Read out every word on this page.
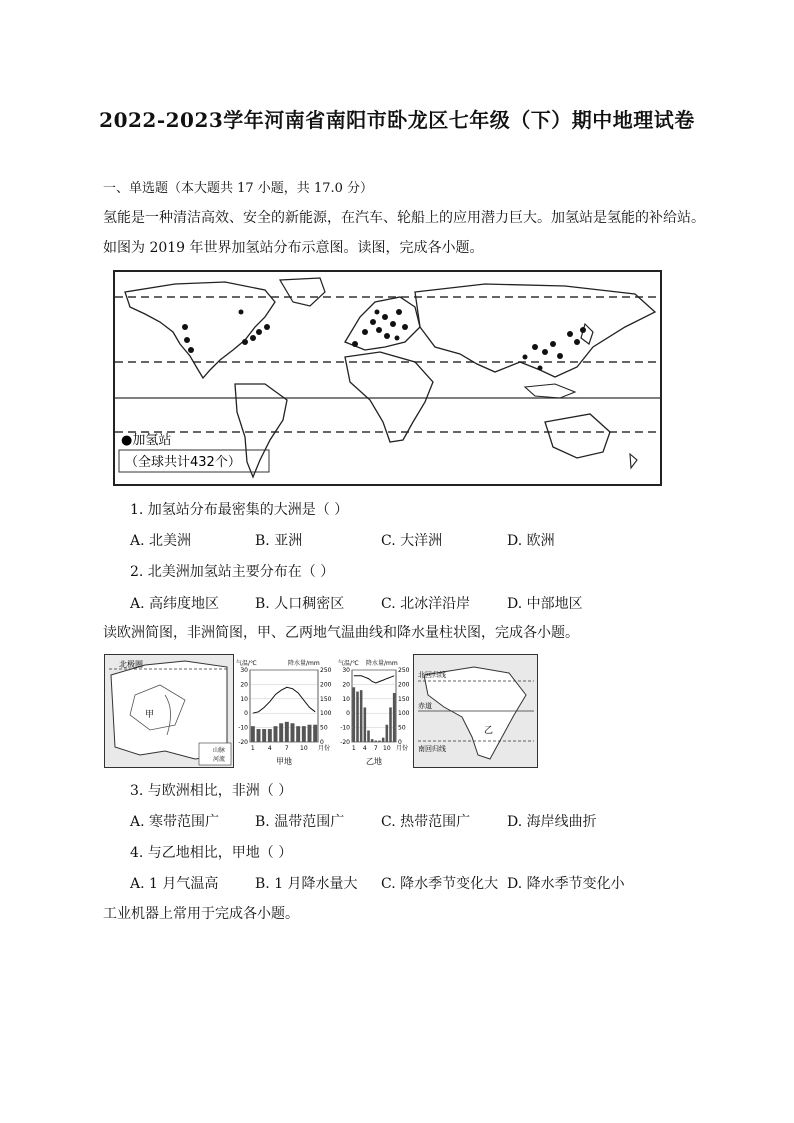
2022-2023学年河南省南阳市卧龙区七年级（下）期中地理试卷
一、单选题（本大题共 17 小题，共 17.0 分）
氢能是一种清洁高效、安全的新能源，在汽车、轮船上的应用潜力巨大。加氢站是氢能的补给站。
如图为 2019 年世界加氢站分布示意图。读图，完成各小题。
●加氢站
（全球共计432个）
1. 加氢站分布最密集的大洲是（ ）
A. 北美洲	B. 亚洲	C. 大洋洲	D. 欧洲
2. 北美洲加氢站主要分布在（ ）
A. 高纬度地区	B. 人口稠密区	C. 北冰洋沿岸	D. 中部地区
读欧洲简图，非洲简图，甲、乙两地气温曲线和降水量柱状图，完成各小题。
北极圈
甲
山脉
河流
气温/℃	降水量/mm
30
20
10
0
-10
-20
250
200
150
100
50
0
1 4 7 10 月份
甲地
气温/℃ 降水量/mm
30
20
10
0
-10
-20
250
200
150
100
50
0
1 4 7 10 月份
乙地
北回归线
赤道
南回归线
乙
3. 与欧洲相比，非洲（ ）
A. 寒带范围广	B. 温带范围广	C. 热带范围广	D. 海岸线曲折
4. 与乙地相比，甲地（ ）
A. 1 月气温高	B. 1 月降水量大 C. 降水季节变化大 D. 降水季节变化小
工业机器上常用于完成各小题。
